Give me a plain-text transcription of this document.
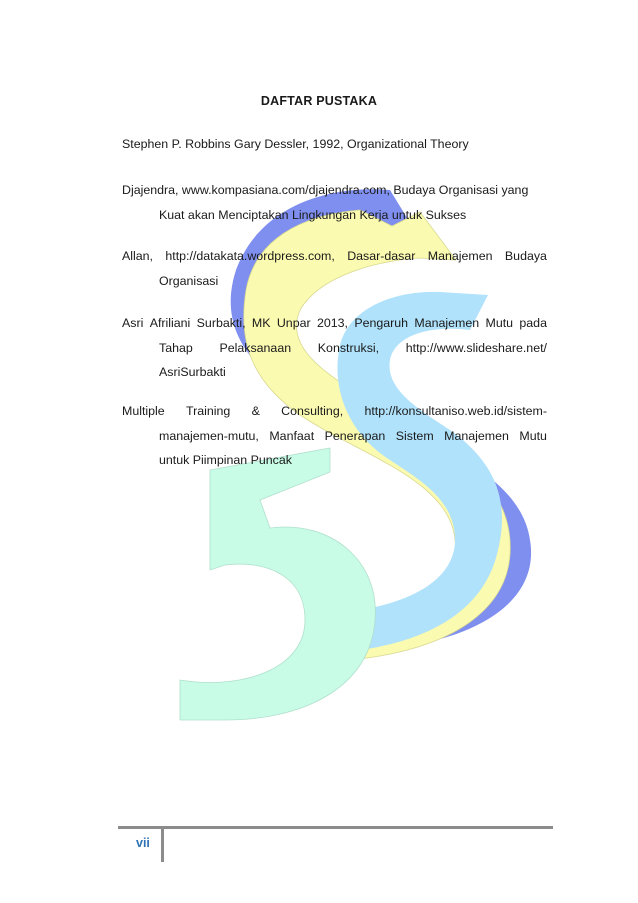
DAFTAR PUSTAKA
Stephen P. Robbins Gary Dessler, 1992, Organizational Theory
Djajendra, www.kompasiana.com/djajendra.com, Budaya Organisasi yang
Kuat akan Menciptakan Lingkungan Kerja untuk Sukses
Allan, http://datakata.wordpress.com, Dasar-dasar Manajemen Budaya
Organisasi
Asri Afriliani Surbakti, MK Unpar 2013, Pengaruh Manajemen Mutu pada
Tahap Pelaksanaan Konstruksi, http://www.slideshare.net/
AsriSurbakti
Multiple Training & Consulting, http://konsultaniso.web.id/sistem-
manajemen-mutu, Manfaat Penerapan Sistem Manajemen Mutu
untuk Piimpinan Puncak
vii
